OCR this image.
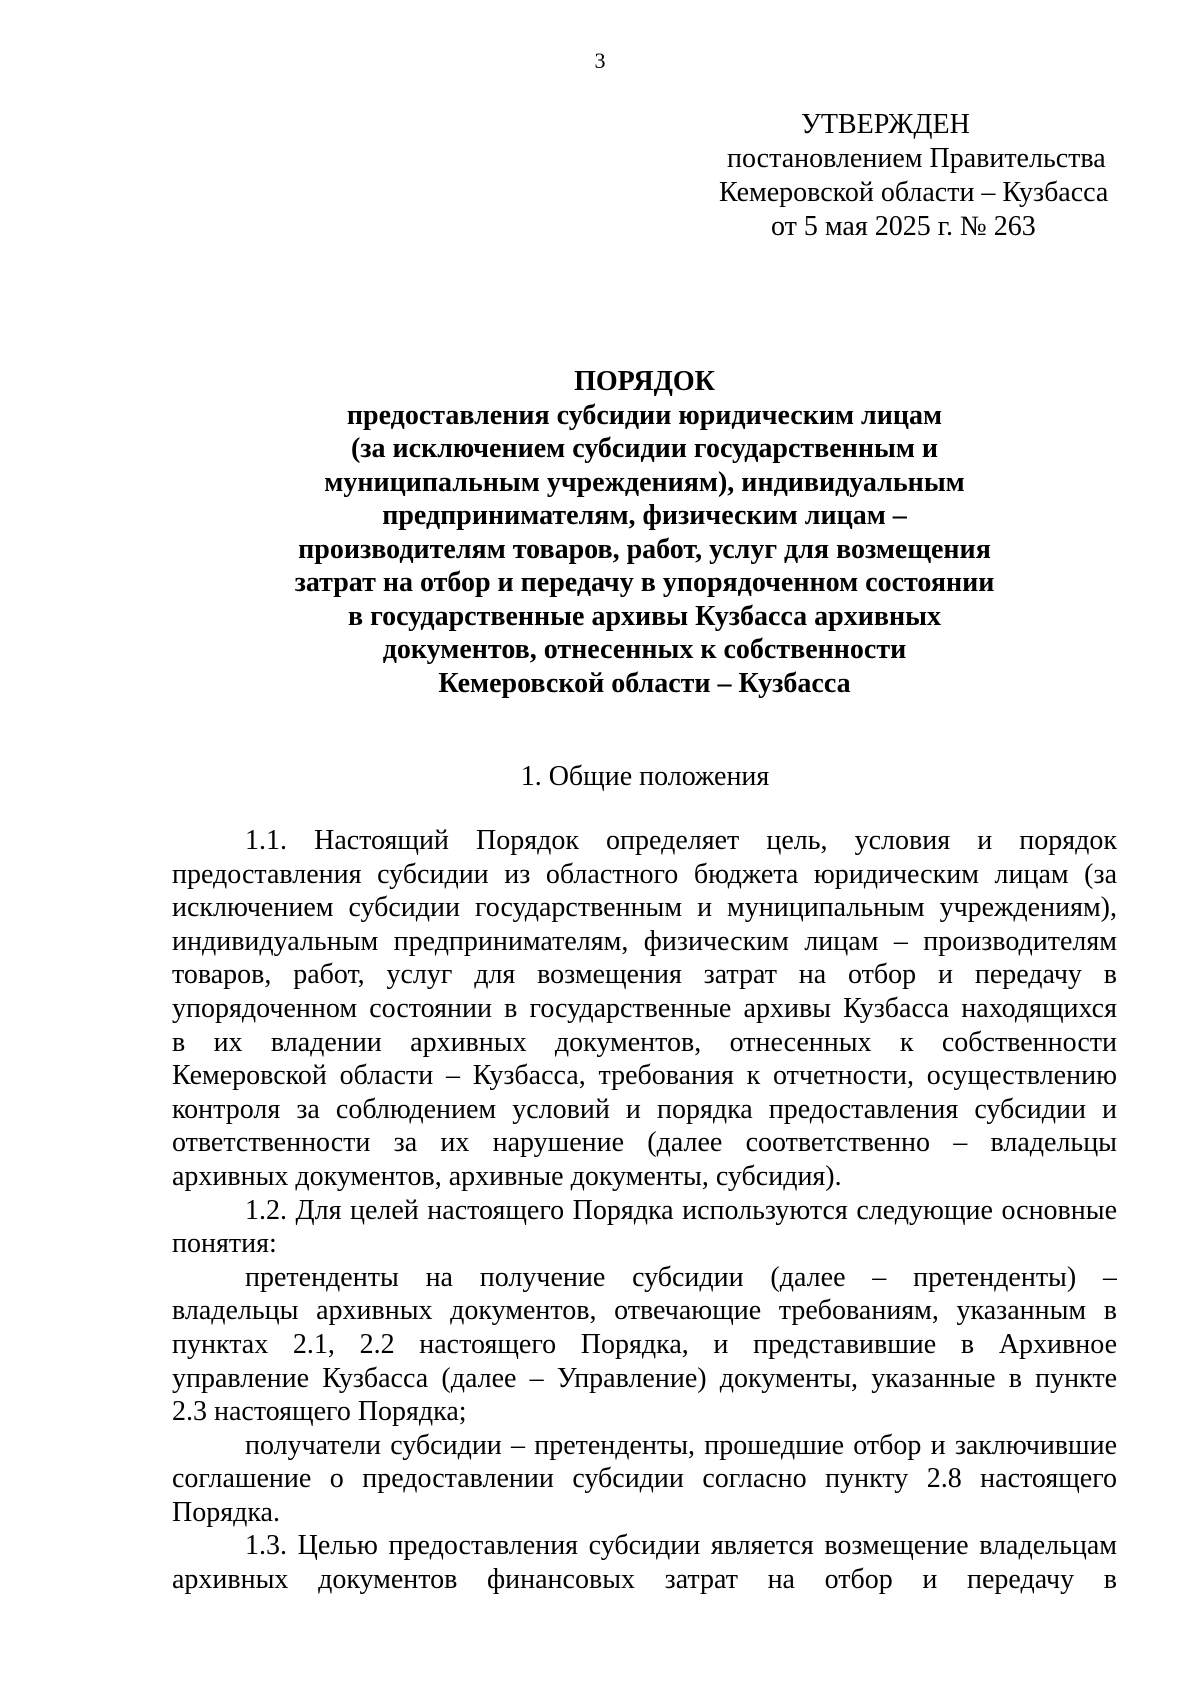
3
УТВЕРЖДЕН
постановлением Правительства
Кемеровской области – Кузбасса
от 5 мая 2025 г. № 263
ПОРЯДОК
предоставления субсидии юридическим лицам
(за исключением субсидии государственным и
муниципальным учреждениям), индивидуальным
предпринимателям, физическим лицам –
производителям товаров, работ, услуг для возмещения
затрат на отбор и передачу в упорядоченном состоянии
в государственные архивы Кузбасса архивных
документов, отнесенных к собственности
Кемеровской области – Кузбасса
1. Общие положения
1.1. Настоящий Порядок определяет цель, условия и порядок
предоставления субсидии из областного бюджета юридическим лицам (за
исключением субсидии государственным и муниципальным учреждениям),
индивидуальным предпринимателям, физическим лицам – производителям
товаров, работ, услуг для возмещения затрат на отбор и передачу в
упорядоченном состоянии в государственные архивы Кузбасса находящихся
в их владении архивных документов, отнесенных к собственности
Кемеровской области – Кузбасса, требования к отчетности, осуществлению
контроля за соблюдением условий и порядка предоставления субсидии и
ответственности за их нарушение (далее соответственно – владельцы
архивных документов, архивные документы, субсидия).
1.2. Для целей настоящего Порядка используются следующие основные
понятия:
претенденты на получение субсидии (далее – претенденты) –
владельцы архивных документов, отвечающие требованиям, указанным в
пунктах 2.1, 2.2 настоящего Порядка, и представившие в Архивное
управление Кузбасса (далее – Управление) документы, указанные в пункте
2.3 настоящего Порядка;
получатели субсидии – претенденты, прошедшие отбор и заключившие
соглашение о предоставлении субсидии согласно пункту 2.8 настоящего
Порядка.
1.3. Целью предоставления субсидии является возмещение владельцам
архивных документов финансовых затрат на отбор и передачу в
